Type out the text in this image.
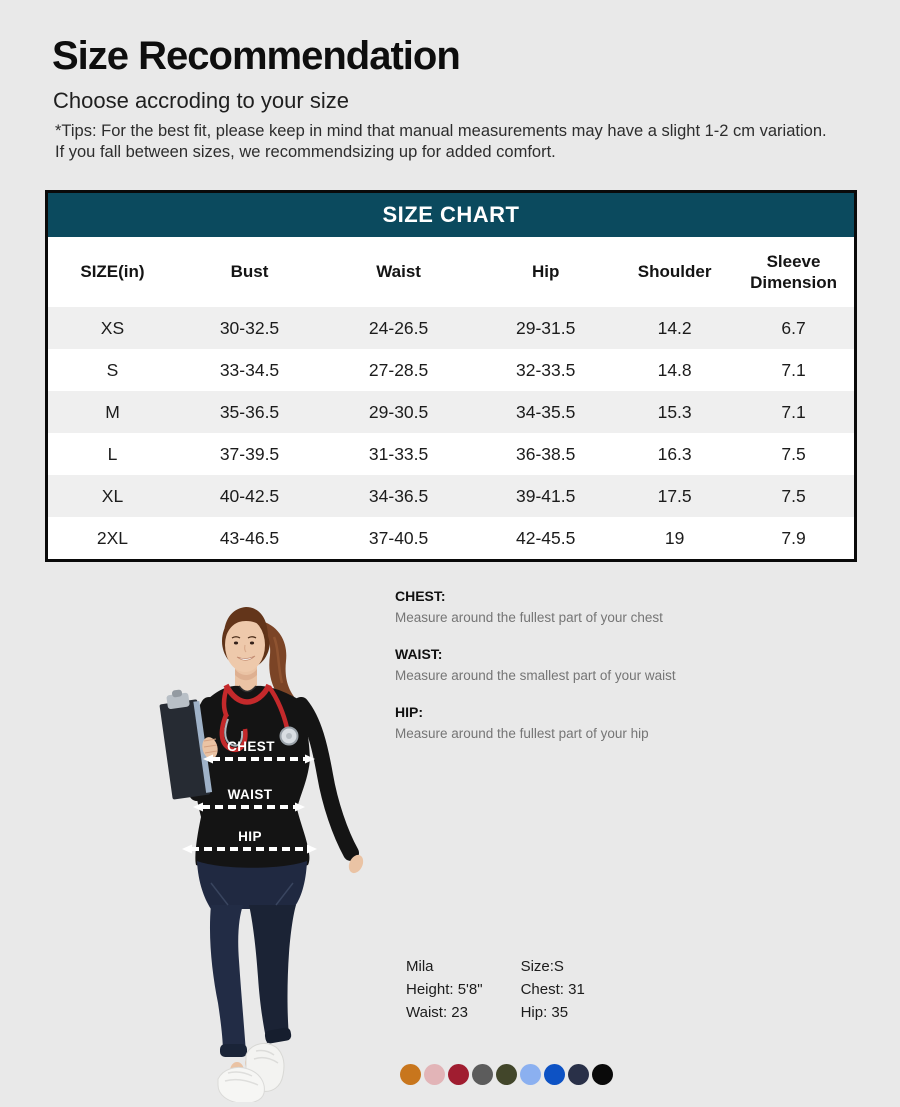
Size Recommendation
Choose accroding to your size
*Tips: For the best fit, please keep in mind that manual measurements may have a slight 1-2 cm variation.
If you fall between sizes, we recommendsizing up for added comfort.
SIZE CHART
SIZE(in)	Bust	Waist	Hip	Shoulder	Sleeve Dimension
XS	30-32.5	24-26.5	29-31.5	14.2	6.7
S	33-34.5	27-28.5	32-33.5	14.8	7.1
M	35-36.5	29-30.5	34-35.5	15.3	7.1
L	37-39.5	31-33.5	36-38.5	16.3	7.5
XL	40-42.5	34-36.5	39-41.5	17.5	7.5
2XL	43-46.5	37-40.5	42-45.5	19	7.9
CHEST
WAIST
HIP
CHEST:
Measure around the fullest part of your chest
WAIST:
Measure around the smallest part of your waist
HIP:
Measure around the fullest part of your hip
Mila
Height: 5'8"
Waist: 23
Size:S
Chest: 31
Hip: 35
